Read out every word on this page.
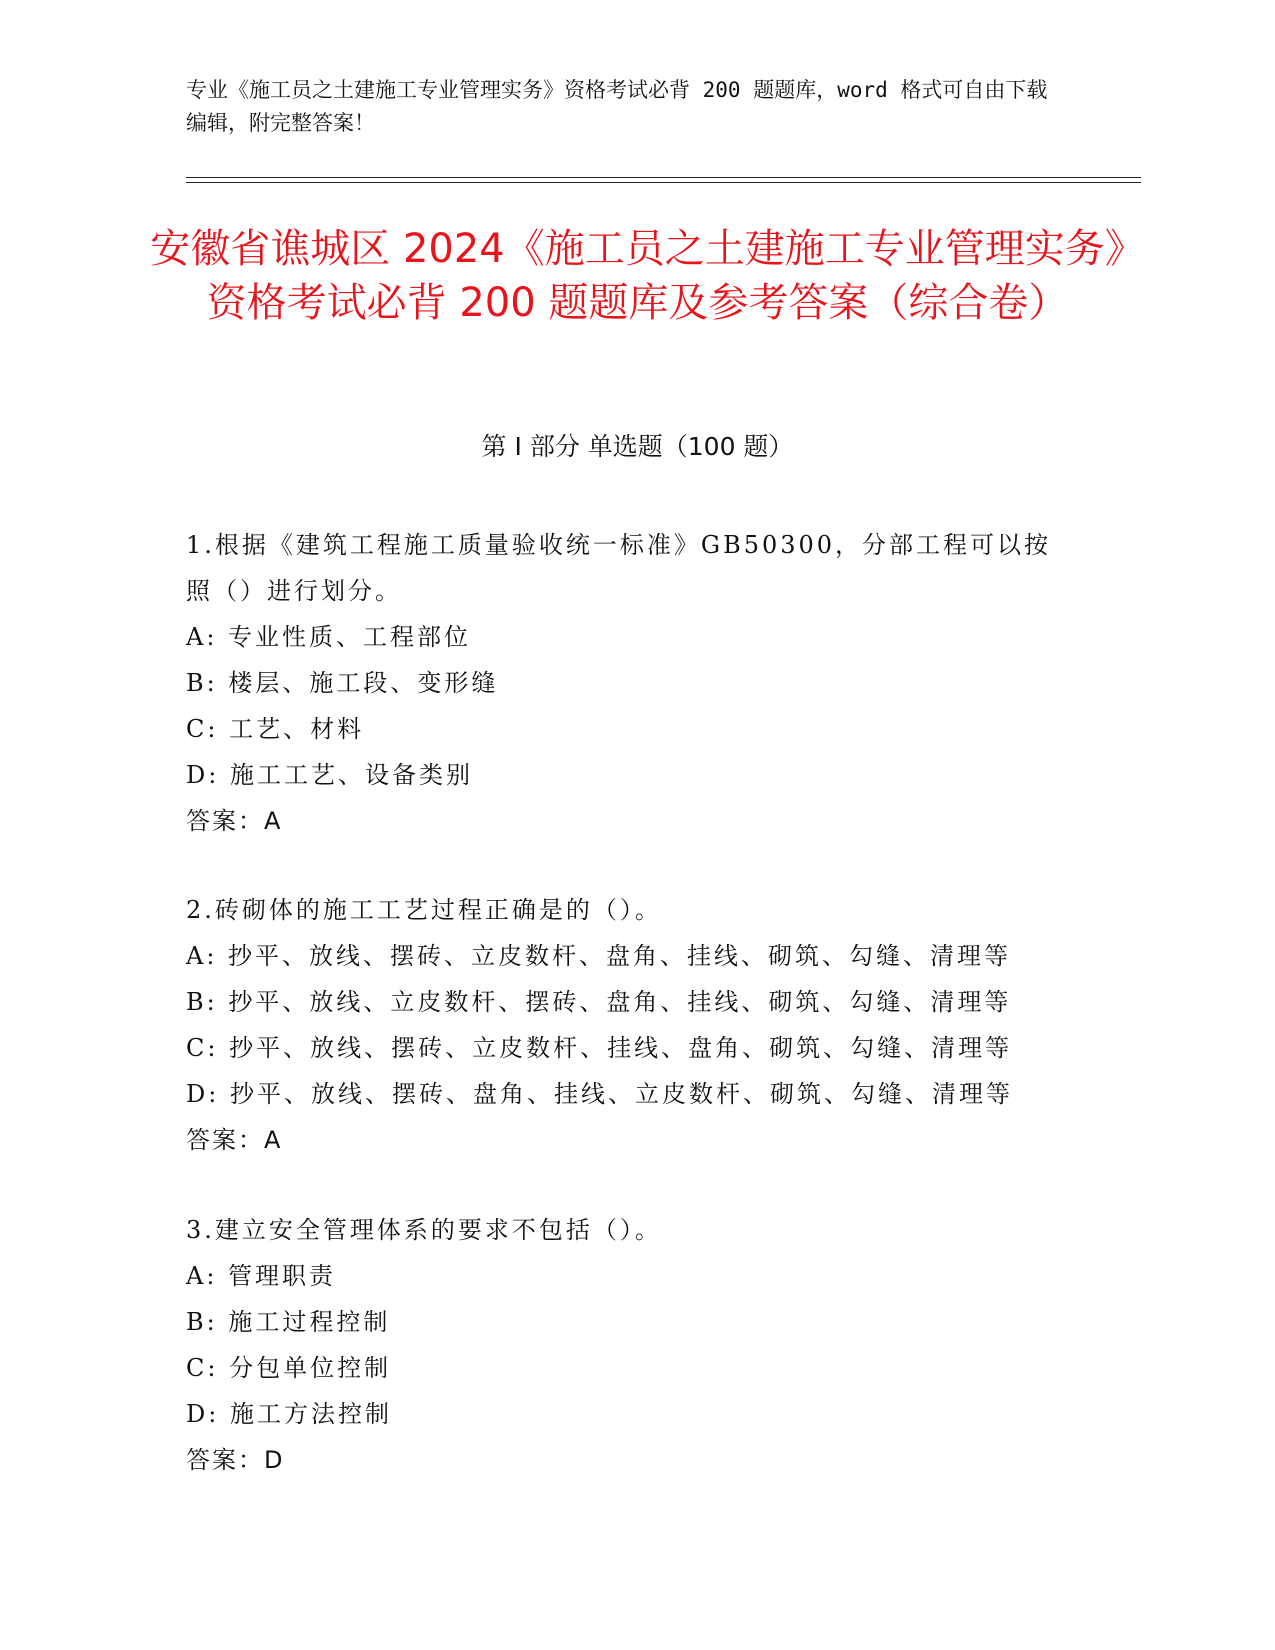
专业《施工员之土建施工专业管理实务》资格考试必背 200 题题库，word 格式可自由下载编辑，附完整答案！
安徽省谯城区 2024《施工员之土建施工专业管理实务》资格考试必背 200 题题库及参考答案（综合卷）
第 I 部分 单选题（100 题）
1.根据《建筑工程施工质量验收统一标准》GB50300，分部工程可以按照（）进行划分。
A: 专业性质、工程部位
B: 楼层、施工段、变形缝
C: 工艺、材料
D: 施工工艺、设备类别
答案：A
2.砖砌体的施工工艺过程正确是的（）。
A: 抄平、放线、摆砖、立皮数杆、盘角、挂线、砌筑、勾缝、清理等
B: 抄平、放线、立皮数杆、摆砖、盘角、挂线、砌筑、勾缝、清理等
C: 抄平、放线、摆砖、立皮数杆、挂线、盘角、砌筑、勾缝、清理等
D: 抄平、放线、摆砖、盘角、挂线、立皮数杆、砌筑、勾缝、清理等
答案：A
3.建立安全管理体系的要求不包括（）。
A: 管理职责
B: 施工过程控制
C: 分包单位控制
D: 施工方法控制
答案：D
